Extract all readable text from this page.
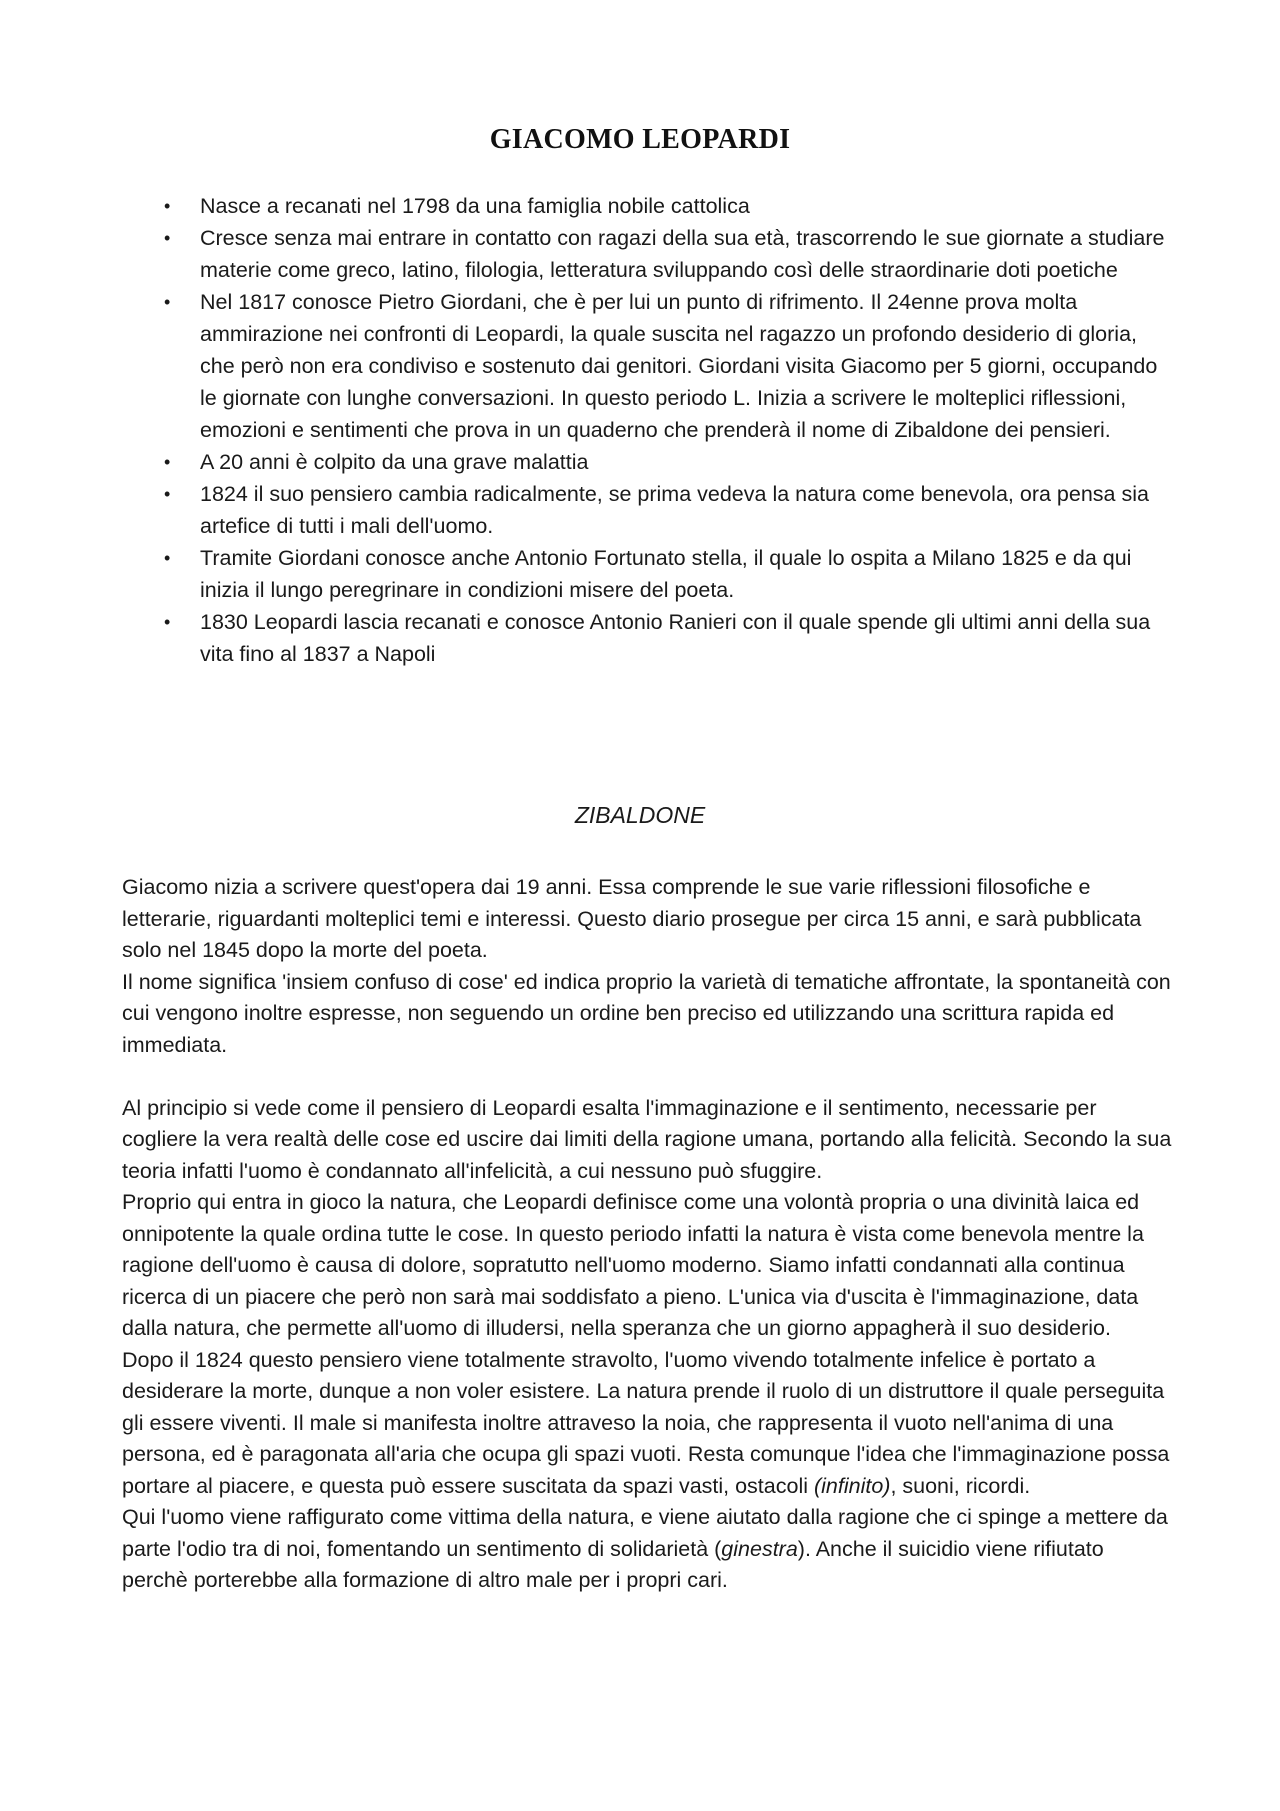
GIACOMO LEOPARDI
• Nasce a recanati nel 1798 da una famiglia nobile cattolica
• Cresce senza mai entrare in contatto con ragazi della sua età, trascorrendo le sue giornate a studiare materie come greco, latino, filologia, letteratura sviluppando così delle straordinarie doti poetiche
• Nel 1817 conosce Pietro Giordani, che è per lui un punto di rifrimento. Il 24enne prova molta ammirazione nei confronti di Leopardi, la quale suscita nel ragazzo un profondo desiderio di gloria, che però non era condiviso e sostenuto dai genitori. Giordani visita Giacomo per 5 giorni, occupando le giornate con lunghe conversazioni. In questo periodo L. Inizia a scrivere le molteplici riflessioni, emozioni e sentimenti che prova in un quaderno che prenderà il nome di Zibaldone dei pensieri.
• A 20 anni è colpito da una grave malattia
• 1824 il suo pensiero cambia radicalmente, se prima vedeva la natura come benevola, ora pensa sia artefice di tutti i mali dell'uomo.
• Tramite Giordani conosce anche Antonio Fortunato stella, il quale lo ospita a Milano 1825 e da qui inizia il lungo peregrinare in condizioni misere del poeta.
• 1830 Leopardi lascia recanati e conosce Antonio Ranieri con il quale spende gli ultimi anni della sua vita fino al 1837 a Napoli
ZIBALDONE

Giacomo nizia a scrivere quest'opera dai 19 anni. Essa comprende le sue varie riflessioni filosofiche e letterarie, riguardanti molteplici temi e interessi. Questo diario prosegue per circa 15 anni, e sarà pubblicata solo nel 1845 dopo la morte del poeta.

Il nome significa 'insiem confuso di cose' ed indica proprio la varietà di tematiche affrontate, la spontaneità con cui vengono inoltre espresse, non seguendo un ordine ben preciso ed utilizzando una scrittura rapida ed immediata.

Al principio si vede come il pensiero di Leopardi esalta l'immaginazione e il sentimento, necessarie per cogliere la vera realtà delle cose ed uscire dai limiti della ragione umana, portando alla felicità. Secondo la sua teoria infatti l'uomo è condannato all'infelicità, a cui nessuno può sfuggire.

Proprio qui entra in gioco la natura, che Leopardi definisce come una volontà propria o una divinità laica ed onnipotente la quale ordina tutte le cose. In questo periodo infatti la natura è vista come benevola mentre la ragione dell'uomo è causa di dolore, sopratutto nell'uomo moderno. Siamo infatti condannati alla continua ricerca di un piacere che però non sarà mai soddisfato a pieno. L'unica via d'uscita è l'immaginazione, data dalla natura, che permette all'uomo di illudersi, nella speranza che un giorno appagherà il suo desiderio.

Dopo il 1824 questo pensiero viene totalmente stravolto, l'uomo vivendo totalmente infelice è portato a desiderare la morte, dunque a non voler esistere. La natura prende il ruolo di un distruttore il quale perseguita gli essere viventi. Il male si manifesta inoltre attraveso la noia, che rappresenta il vuoto nell'anima di una persona, ed è paragonata all'aria che ocupa gli spazi vuoti. Resta comunque l'idea che l'immaginazione possa portare al piacere, e questa può essere suscitata da spazi vasti, ostacoli (infinito), suoni, ricordi.

Qui l'uomo viene raffigurato come vittima della natura, e viene aiutato dalla ragione che ci spinge a mettere da parte l'odio tra di noi, fomentando un sentimento di solidarietà (ginestra). Anche il suicidio viene rifiutato perchè porterebbe alla formazione di altro male per i propri cari.
